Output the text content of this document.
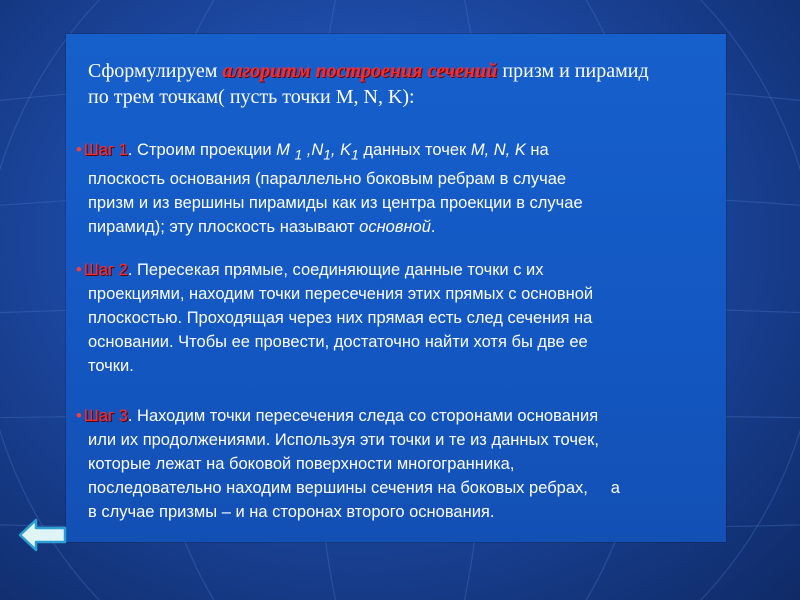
Сформулируем алгоритм построения сечений призм и пирамид
по трем точкам( пусть точки M, N, K):
• Шаг 1. Строим проекции M $_1$ $,N_1$, $K_1$ данных точек M, N, K на
плоскость основания (параллельно боковым ребрам в случае
призм и из вершины пирамиды как из центра проекции в случае
пирамид); эту плоскость называют основной.
• Шаг 2. Пересекая прямые, соединяющие данные точки с их
проекциями, находим точки пересечения этих прямых с основной
плоскостью. Проходящая через них прямая есть след сечения на
основании. Чтобы ее провести, достаточно найти хотя бы две ее
точки.
• Шаг 3. Находим точки пересечения следа со сторонами основания
или их продолжениями. Используя эти точки и те из данных точек,
которые лежат на боковой поверхности многогранника,
последовательно находим вершины сечения на боковых ребрах,     а
в случае призмы – и на сторонах второго основания.
